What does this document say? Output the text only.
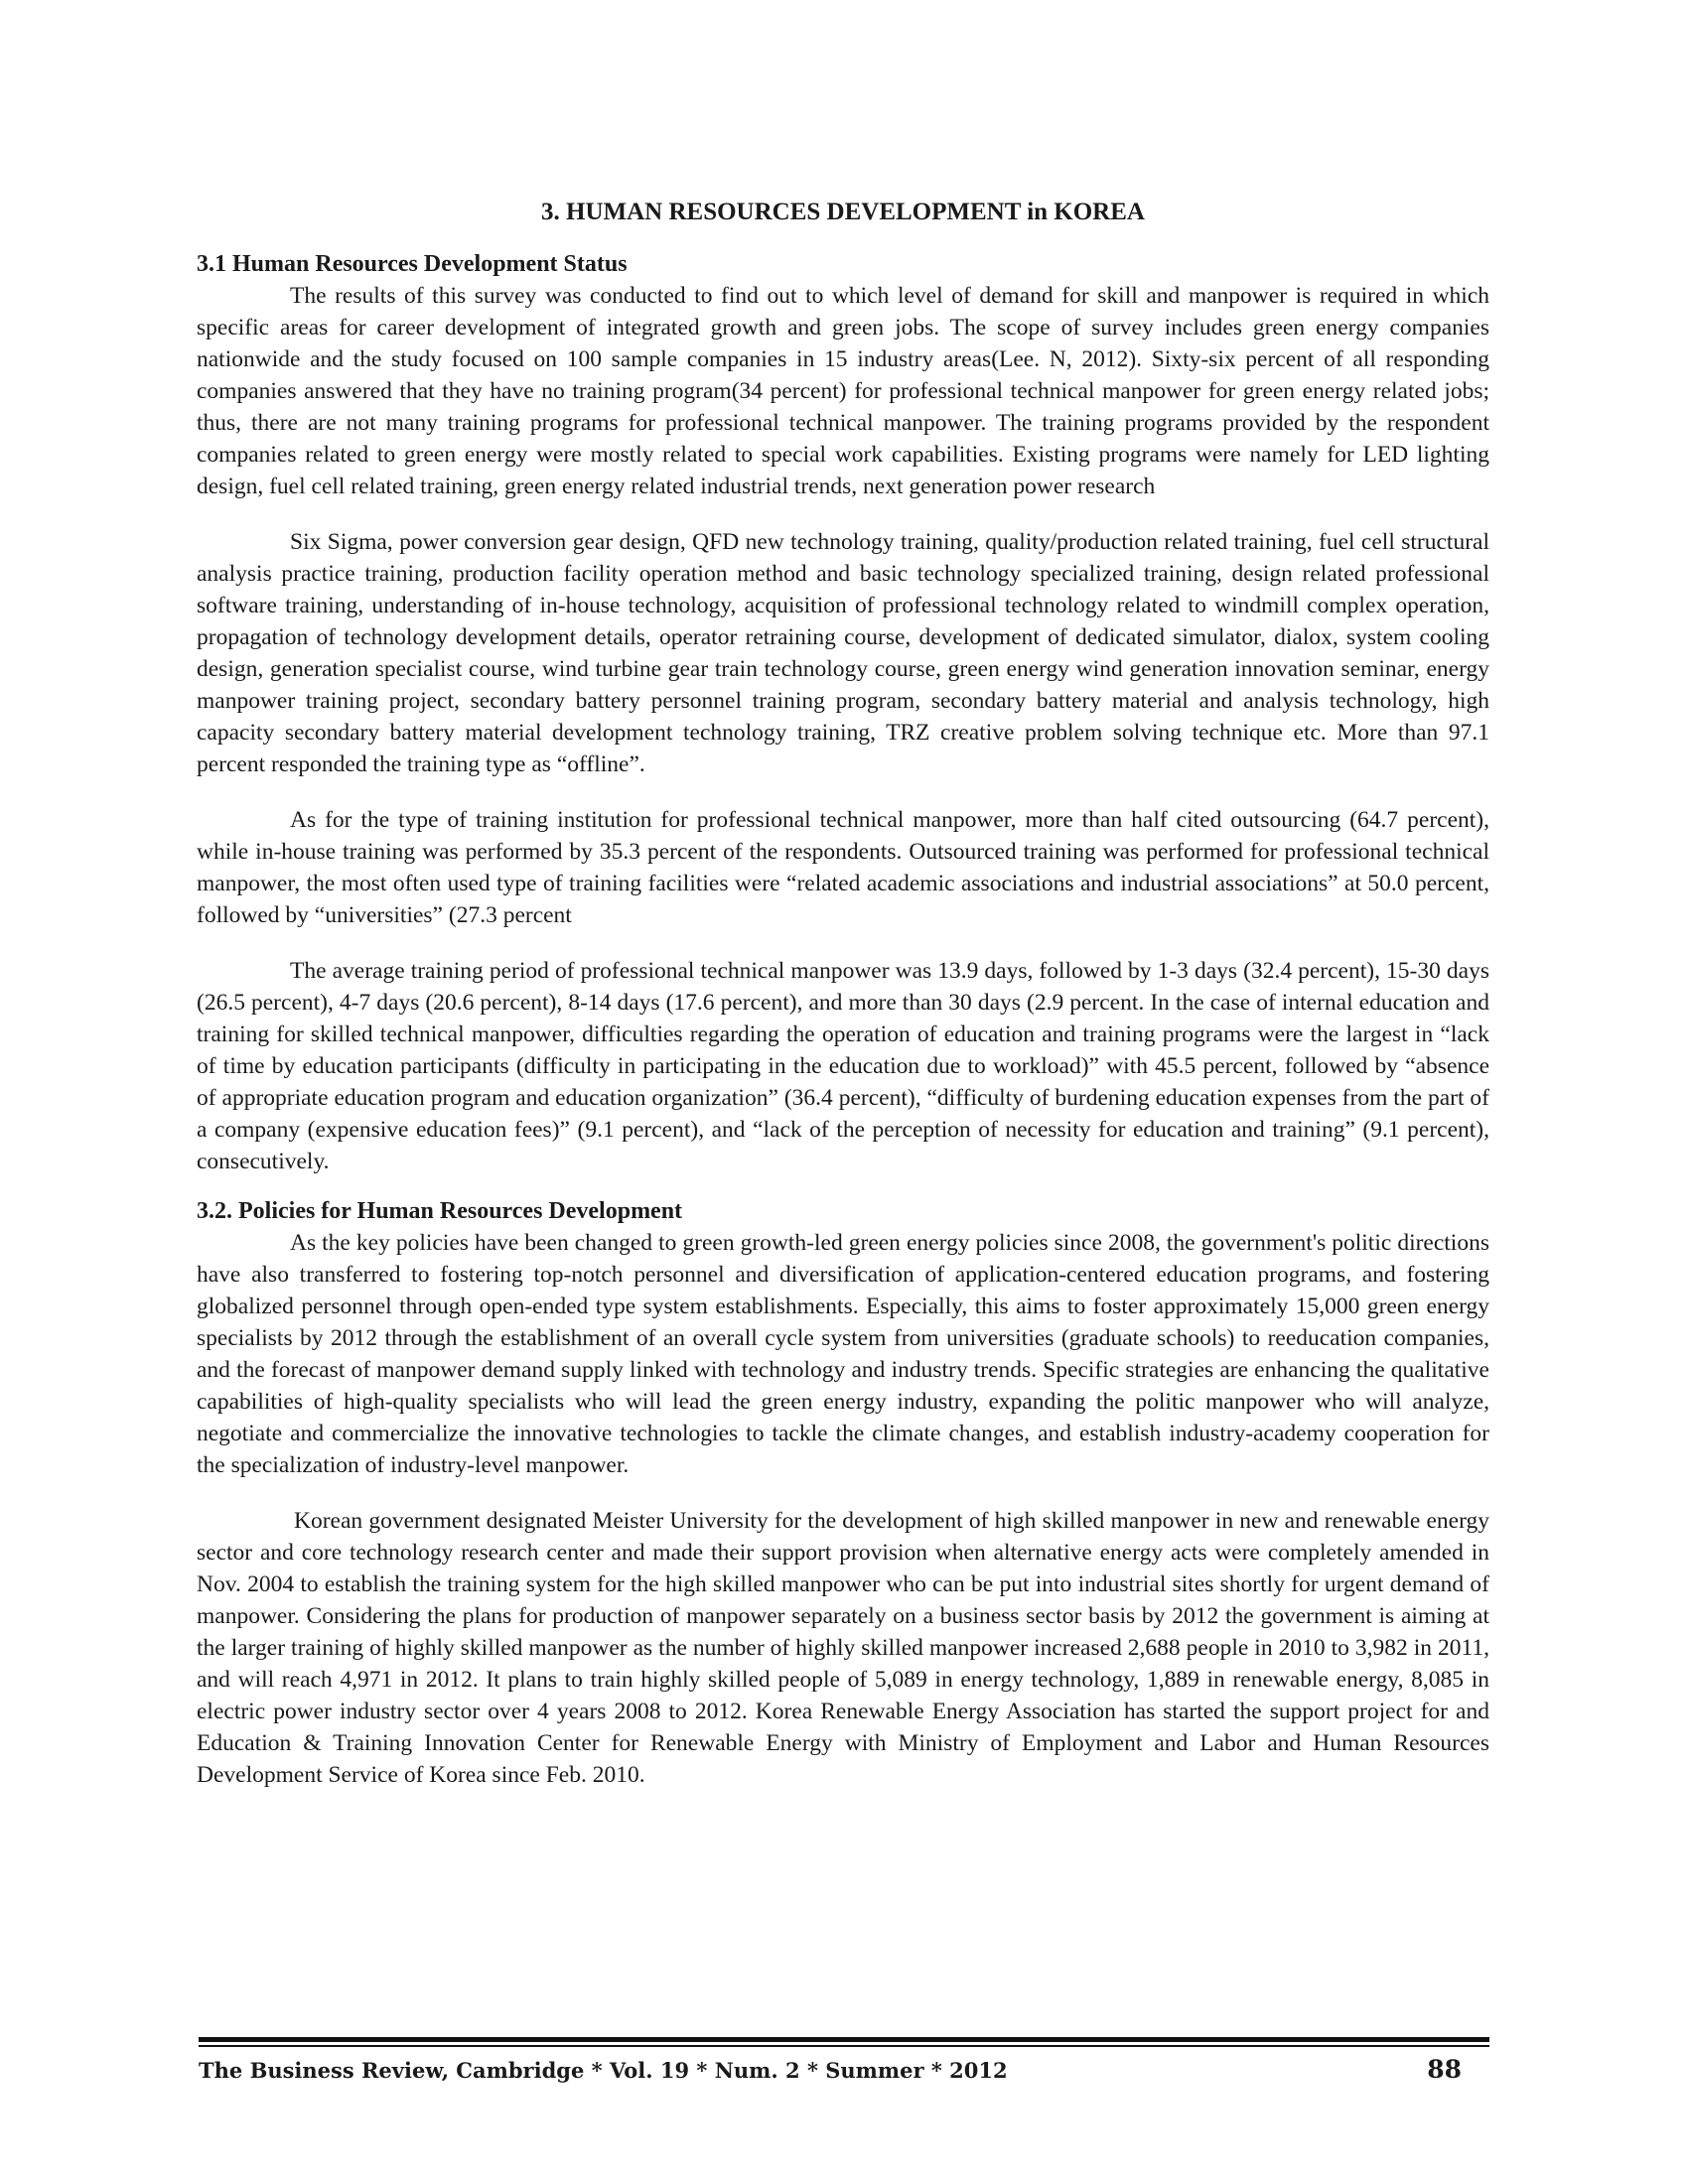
3. HUMAN RESOURCES DEVELOPMENT in KOREA
3.1 Human Resources Development Status

The results of this survey was conducted to find out to which level of demand for skill and manpower is required in which specific areas for career development of integrated growth and green jobs. The scope of survey includes green energy companies nationwide and the study focused on 100 sample companies in 15 industry areas(Lee. N, 2012). Sixty-six percent of all responding companies answered that they have no training program(34 percent) for professional technical manpower for green energy related jobs; thus, there are not many training programs for professional technical manpower. The training programs provided by the respondent companies related to green energy were mostly related to special work capabilities. Existing programs were namely for LED lighting design, fuel cell related training, green energy related industrial trends, next generation power research

Six Sigma, power conversion gear design, QFD new technology training, quality/production related training, fuel cell structural analysis practice training, production facility operation method and basic technology specialized training, design related professional software training, understanding of in-house technology, acquisition of professional technology related to windmill complex operation, propagation of technology development details, operator retraining course, development of dedicated simulator, dialox, system cooling design, generation specialist course, wind turbine gear train technology course, green energy wind generation innovation seminar, energy manpower training project, secondary battery personnel training program, secondary battery material and analysis technology, high capacity secondary battery material development technology training, TRZ creative problem solving technique etc. More than 97.1 percent responded the training type as “offline”.

As for the type of training institution for professional technical manpower, more than half cited outsourcing (64.7 percent), while in-house training was performed by 35.3 percent of the respondents. Outsourced training was performed for professional technical manpower, the most often used type of training facilities were “related academic associations and industrial associations” at 50.0 percent, followed by “universities” (27.3 percent

The average training period of professional technical manpower was 13.9 days, followed by 1-3 days (32.4 percent), 15-30 days (26.5 percent), 4-7 days (20.6 percent), 8-14 days (17.6 percent), and more than 30 days (2.9 percent. In the case of internal education and training for skilled technical manpower, difficulties regarding the operation of education and training programs were the largest in “lack of time by education participants (difficulty in participating in the education due to workload)” with 45.5 percent, followed by “absence of appropriate education program and education organization” (36.4 percent), “difficulty of burdening education expenses from the part of a company (expensive education fees)” (9.1 percent), and “lack of the perception of necessity for education and training” (9.1 percent), consecutively.

3.2. Policies for Human Resources Development

As the key policies have been changed to green growth-led green energy policies since 2008, the government's politic directions have also transferred to fostering top-notch personnel and diversification of application-centered education programs, and fostering globalized personnel through open-ended type system establishments. Especially, this aims to foster approximately 15,000 green energy specialists by 2012 through the establishment of an overall cycle system from universities (graduate schools) to reeducation companies, and the forecast of manpower demand supply linked with technology and industry trends. Specific strategies are enhancing the qualitative capabilities of high-quality specialists who will lead the green energy industry, expanding the politic manpower who will analyze, negotiate and commercialize the innovative technologies to tackle the climate changes, and establish industry-academy cooperation for the specialization of industry-level manpower.

Korean government designated Meister University for the development of high skilled manpower in new and renewable energy sector and core technology research center and made their support provision when alternative energy acts were completely amended in Nov. 2004 to establish the training system for the high skilled manpower who can be put into industrial sites shortly for urgent demand of manpower. Considering the plans for production of manpower separately on a business sector basis by 2012 the government is aiming at the larger training of highly skilled manpower as the number of highly skilled manpower increased 2,688 people in 2010 to 3,982 in 2011, and will reach 4,971 in 2012. It plans to train highly skilled people of 5,089 in energy technology, 1,889 in renewable energy, 8,085 in electric power industry sector over 4 years 2008 to 2012. Korea Renewable Energy Association has started the support project for and Education & Training Innovation Center for Renewable Energy with Ministry of Employment and Labor and Human Resources Development Service of Korea since Feb. 2010.

The Business Review, Cambridge * Vol. 19 * Num. 2 * Summer * 2012	88
